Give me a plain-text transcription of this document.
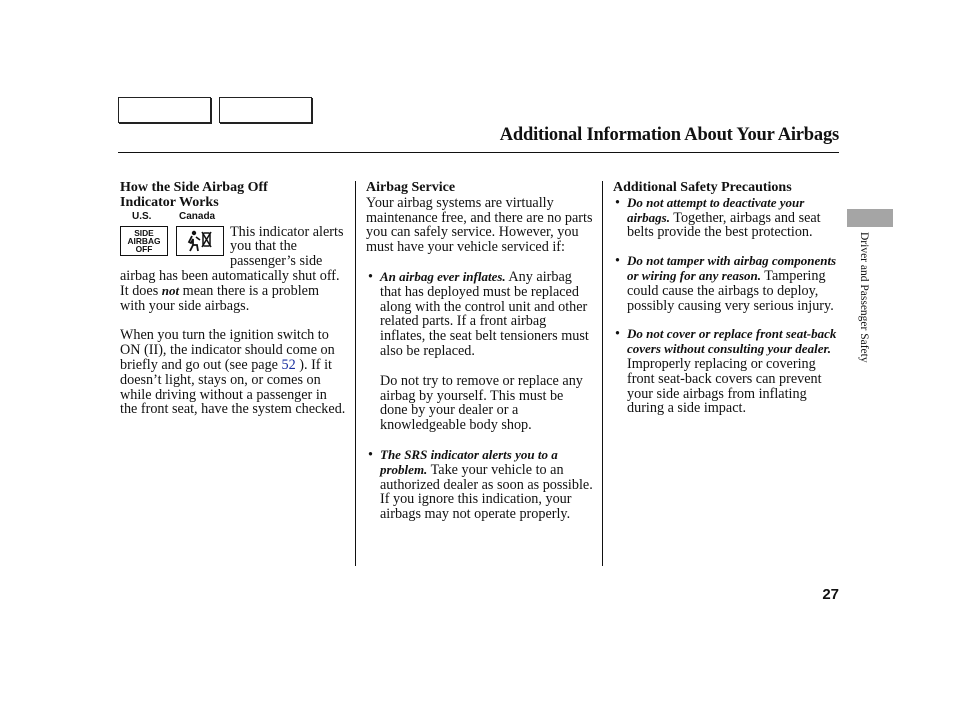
Additional Information About Your Airbags
How the Side Airbag Off
Indicator Works
U.S.	Canada
SIDE
AIRBAG
OFF

This indicator alerts you that the passenger’s side airbag has been automatically shut off. It does not mean there is a problem with your side airbags.

When you turn the ignition switch to ON (II), the indicator should come on briefly and go out (see page 52 ). If it doesn’t light, stays on, or comes on while driving without a passenger in the front seat, have the system checked.

Airbag Service

Your airbag systems are virtually maintenance free, and there are no parts you can safely service. However, you must have your vehicle serviced if:

• An airbag ever inflates. Any airbag that has deployed must be replaced along with the control unit and other related parts. If a front airbag inflates, the seat belt tensioners must also be replaced.

Do not try to remove or replace any airbag by yourself. This must be done by your dealer or a knowledgeable body shop.

• The SRS indicator alerts you to a problem. Take your vehicle to an authorized dealer as soon as possible. If you ignore this indication, your airbags may not operate properly.
Additional Safety Precautions
• Do not attempt to deactivate your airbags. Together, airbags and seat belts provide the best protection.
• Do not tamper with airbag components or wiring for any reason. Tampering could cause the airbags to deploy, possibly causing very serious injury.
• Do not cover or replace front seat-back covers without consulting your dealer. Improperly replacing or covering front seat-back covers can prevent your side airbags from inflating during a side impact.
Driver and Passenger Safety
27
